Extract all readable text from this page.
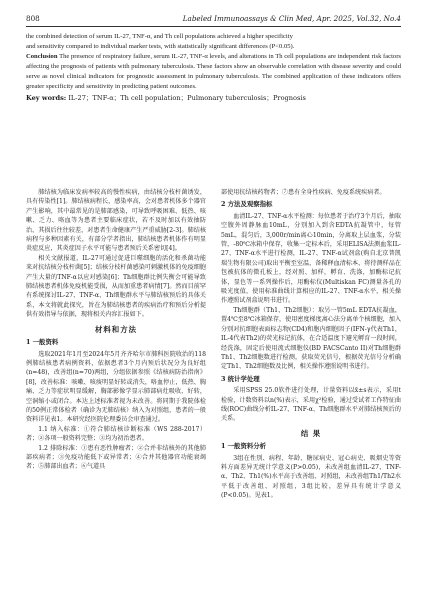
808	Labeled Immunoassays & Clin Med, Apr. 2025, Vol.32, No.4

the combined detection of serum IL-27, TNF-α, and Th cell populations achieved a higher specificity

and sensitivity compared to individual marker tests, with statistically significant differences (P<0.05).

Conclusion The presence of respiratory failure, serum IL-27, TNF-α levels, and alterations in Th cell populations are independent risk factors affecting the prognosis of patients with pulmonary tuberculosis. These factors show an observable correlation with disease severity and could serve as novel clinical indicators for prognostic assessment in pulmonary tuberculosis. The combined application of these indicators offers greater specificity and sensitivity in predicting patient outcomes.

Key words: IL-27；TNF-α；Th cell population；Pulmonary tuberculosis；Prognosis

肺结核为临床发病率较高的慢性疾病，由结核分枝杆菌诱发，具有传染性[1]。肺结核病程长，感染率高，会对患者机体多个器官产生影响，其中最常见的是肺部感染，可导致呼吸困难、低热、咳嗽、乏力、咯血等为患者主要临床症状，若不及时加以有效抽防治，其损后往往较差，对患者生命健康产生严重威胁[2-3]。肺结核病程与多种因素有关，有部分学者指出，肺结核患者机体作有明显炎症反应，其炎症因子水平可能与患者预后关系密切[4]。

相关文献报道，IL-27可通过促进巨噬细胞的活化和杀菌功能来对抗结核分枝杆菌[5]；结核分枝杆菌感染可刺激机体的免疫细胞产生大量的TNF-α以应对感染[6]；Th细胞群比例失衡会可能导致肺结核患者机体免疫机能受损，从而加重患者病情[7]。然而目前罕有系统探讨IL-27、TNF-α、Th细胞群水平与肺结核预后的具体关系，本文将就此探究，旨在为肺结核患者的疾病治疗和预后分析提供有效指导与依据，现将相关内容汇报如下。

材料和方法
1 一般资料

选取2021年1月至2024年5月齐齐哈尔市肺科医院收治的118例肺结核患者病例资料，依据患者3个月内预后状况分为良好组(n=48)，改善组(n=70)两组，分组依据参照《结核病防治指南》[8]，改善标准：咳嗽、咳痰明显好转或消失，咯血停止，低热、胸痛、乏力等症状明显缓解，胸部影像学显示肺部病灶吸收、好转，空洞缩小或闭合。本达上述标准者视为未改善。将同期于我院体检的50例正常体检者（确诊为无肺结核）纳入为对照组，患者的一般资料详见表1。本研究经医院伦理委员会审查通过。

1.1 纳入标准：①符合肺结核诊断标准（WS 288-2017）者；②各项一般资料完整；③均为初治患者。

1.2 排除标准：①患有恶性肿瘤者；②合并非结核外的其他肺部疾病者；③免疫功能低下或异常者；④合并其他器官功能衰竭者；⑤肺部出血者；⑥气道具

部使用抗结核药物者；⑦患有全身性疾病、免疫系统疾病者。

2 方法及观察指标

血清IL-27、TNF-α水平检测：每位患者于治疗3个月后，抽取空腹外周静脉血10mL，分别加入到含EDTA抗凝管中，每管5mL，混匀后，3,000r/min离心10min，分离取上层血浆，分装管，-80℃冰箱中保存，收集一定标本后，采用ELISA法测血浆IL-27、TNF-α水平进行检测，IL-27、TNF-α试剂盒(购自北京普凯瑞生物有限公司)取出平衡至室温，备稀释血清标本，将待测样品在包被抗体的微孔板上，经对照、加样，孵育、洗涤，加酶标记抗体，显色等一系列操作后，用酶标仪(Multiskan FC)测量各孔的吸光度值，使用标准曲线计算相应的IL-27、TNF-α水平，相关操作遵照试剂盒说明书进行。

Th细胞群（Th1、Th2细胞）：取另一管5mL EDTA抗凝血，置4℃至8℃冰箱保存，使用密度梯度离心法分离单个核细胞，加入分别对抗细胞表面标志物(CD4)和胞内细胞因子(IFN-γ代表Th1，IL-4代表Th2)的荧光标记抗体，在合适温度下避光孵育一段时间，经洗涤，固定后使用流式细胞仪(BD FACSCanto II)对Th细胞群Th1、Th2细胞数进行检测，获取荧光信号，根据荧光信号分析确定Th1、Th2细胞数及比例，相关操作遵照说明书进行。

3 统计学处理

采用SPSS 25.0软件进行处理，计量资料以x̄±s表示，采用t检验，计数资料以n(%)表示，采用χ²检验，通过受试者工作特征曲线(ROC)曲线分析IL-27、TNF-α、Th细胞群水平对肺结核预后的关系。

结 果
1 一般资料分析

3组在性别、病程、年龄、糖尿病史、冠心病史、吸烟史等资料方面差异无统计学意义(P>0.05)，未改善组血清IL-27、TNF-α、Th2、Th1(%)水平高于改善组、对照组，未改善组Th1/Th2水平低于改善组、对照组，3组比较，差异具有统计学意义(P<0.05)。见表1。
